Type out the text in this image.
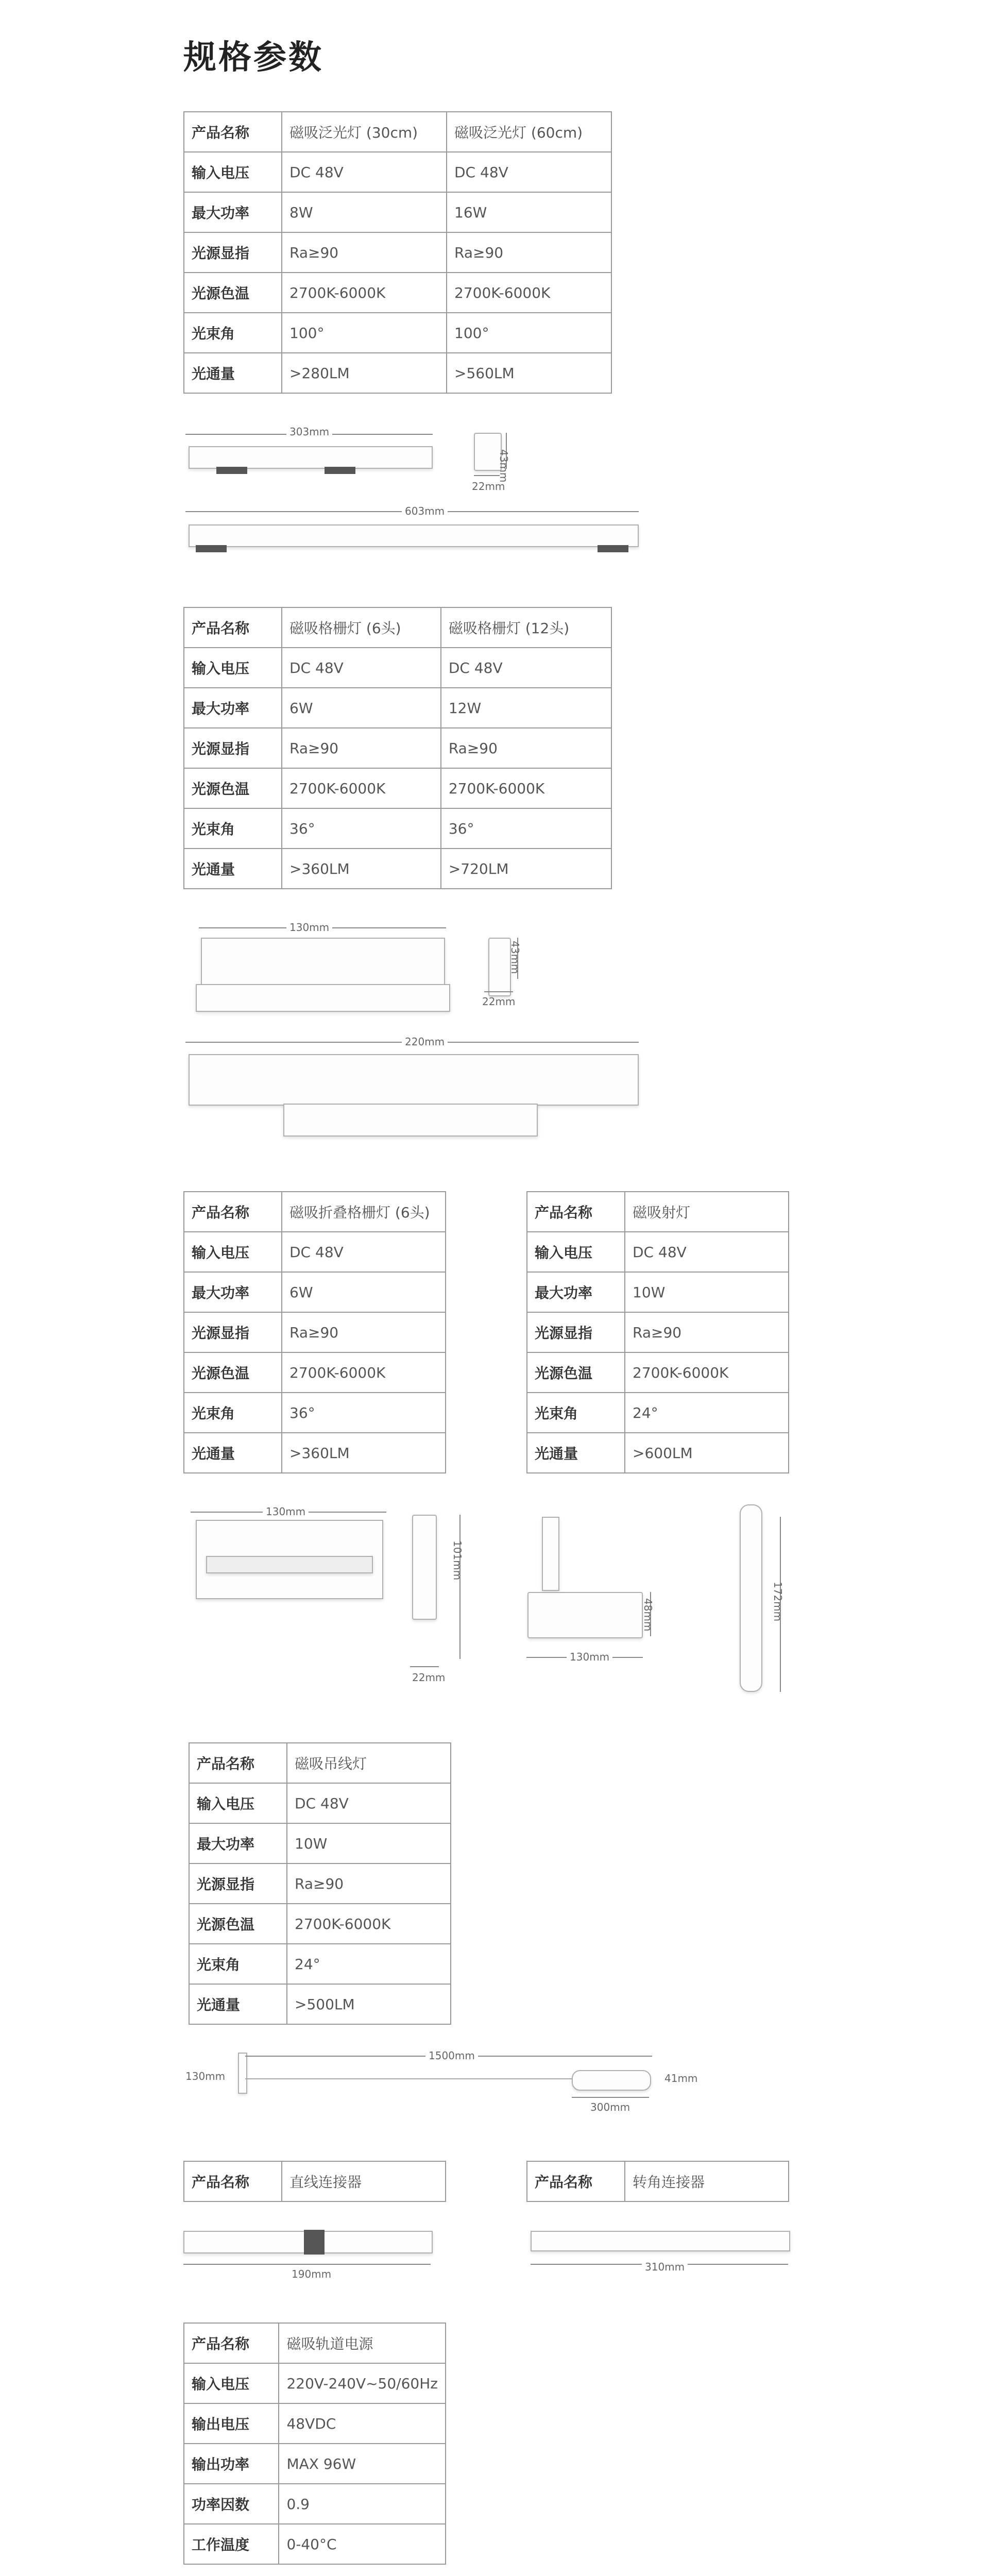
规格参数
产品名称	磁吸泛光灯 (30cm)	磁吸泛光灯 (60cm)
输入电压	DC 48V	DC 48V
最大功率	8W	16W
光源显指	Ra≥90	Ra≥90
光源色温	2700K-6000K	2700K-6000K
光束角	100°	100°
光通量	>280LM	>560LM
303mm
22mm
43mm
603mm
产品名称	磁吸格栅灯 (6头)	磁吸格栅灯 (12头)
输入电压	DC 48V	DC 48V
最大功率	6W	12W
光源显指	Ra≥90	Ra≥90
光源色温	2700K-6000K	2700K-6000K
光束角	36°	36°
光通量	>360LM	>720LM
130mm
22mm
43mm
220mm
产品名称	磁吸折叠格栅灯 (6头)
输入电压	DC 48V
最大功率	6W
光源显指	Ra≥90
光源色温	2700K-6000K
光束角	36°
光通量	>360LM
产品名称	磁吸射灯
输入电压	DC 48V
最大功率	10W
光源显指	Ra≥90
光源色温	2700K-6000K
光束角	24°
光通量	>600LM
130mm
22mm
101mm
130mm
48mm	172mm
产品名称	磁吸吊线灯
输入电压	DC 48V
最大功率	10W
光源显指	Ra≥90
光源色温	2700K-6000K
光束角	24°
光通量	>500LM
130mm
1500mm
41mm
300mm
产品名称	直线连接器	产品名称	转角连接器
190mm
310mm
产品名称	磁吸轨道电源
输入电压	220V-240V~50/60Hz
输出电压	48VDC
输出功率	MAX 96W
功率因数	0.9
工作温度	0-40°C
